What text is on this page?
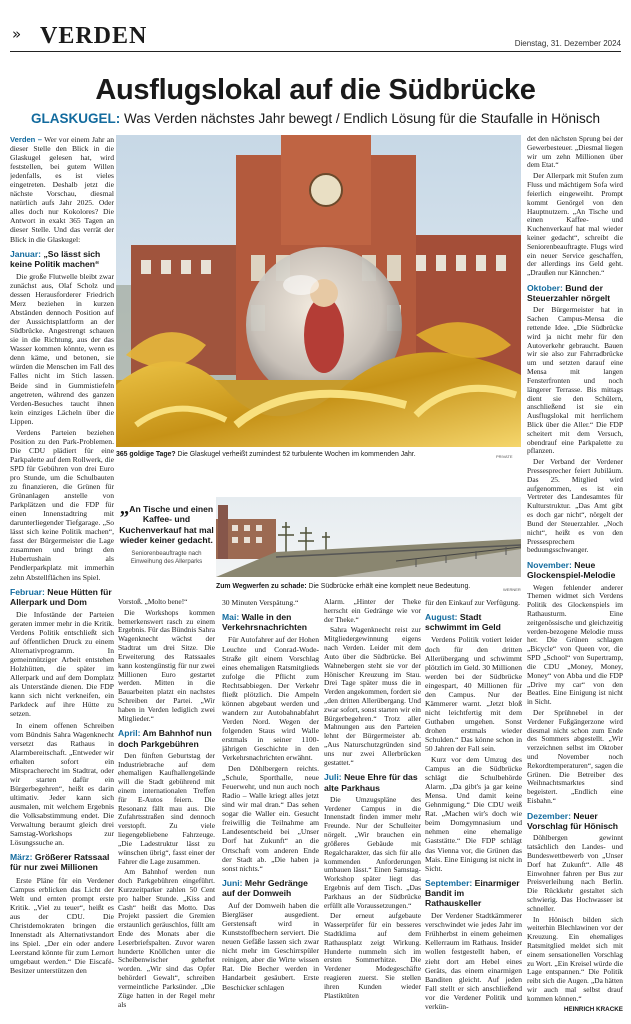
» VERDEN	Dienstag, 31. Dezember 2024
Ausflugslokal auf die Südbrücke
GLASKUGEL: Was Verden nächstes Jahr bewegt / Endlich Lösung für die Staufalle in Hönisch

Verden – Wer vor einem Jahr an dieser Stelle den Blick in die Glaskugel gelesen hat, wird feststellen, bei gutem Willen jedenfalls, es ist vieles eingetreten. Deshalb jetzt die nächste Vorschau, diesmal natürlich aufs Jahr 2025. Oder alles doch nur Kokolores? Die Antwort in exakt 365 Tagen an dieser Stelle. Und das verrät der Blick in die Glaskugel:

Januar: „So lässt sich keine Politik machen“

Die große Flutwelle bleibt zwar zunächst aus, Olaf Scholz und dessen Herausforderer Friedrich Merz beziehen in kurzen Abständen dennoch Position auf der Aussichtsplattform an der Südbrücke. Angestrengt schauen sie in die Richtung, aus der das Wasser kommen könnte, wenn es denn käme, und betonen, sie würden die Menschen im Fall des Falles nicht im Stich lassen. Beide sind in Gummistiefeln angetreten, während des ganzen Verden-Besuches taucht ihnen kein einziges Lächeln über die Lippen.

Verdens Parteien beziehen Position zu den Park-Problemen. Die CDU plädiert für eine Parkpalette auf dem Rollwerk, die SPD für Gebühren von drei Euro pro Stunde, um die Schulbauten zu finanzieren, die Grünen für Grünanlagen anstelle von Parkplätzen und die FDP für einen Innenstadtring mit darunterliegender Tiefgarage. „So lässt sich keine Politik machen“, fasst der Bürgermeister die Lage zusammen und bringt den Hubertushain als Pendlerparkplatz mit immerhin zehn Abstellflächen ins Spiel.

Februar: Neue Hütten für Allerpark und Dom

Die Infostände der Parteien geraten immer mehr in die Kritik. Verdens Politik entschließt sich auf öffentlichen Druck zu einem Alternativprogramm. In gemeinnütziger Arbeit entstehen Holzhütten, die später im Allerpark und auf dem Domplatz als Unterstände dienen. Die FDP kann sich nicht verkneifen, ein Parkdeck auf ihre Hütte zu setzen.

In einem offenen Schreiben vom Bündnis Sahra Wagenknecht versetzt das Rathaus in Alarmbereitschaft. „Entweder wir erhalten sofort ein Mitspracherecht im Stadtrat, oder wir starten dafür ein Bürgerbegehren“, heißt es darin ultimativ. Jeder kann sich ausmalen, mit welchem Ergebnis die Volksabstimmung endet. Die Verwaltung beraumt gleich drei Samstag-Workshops zur Lösungssuche an.

März: Größerer Ratssaal für nur zwei Millionen

Erste Pläne für ein Verdener Campus erblicken das Licht der Welt und ernten prompt erste Kritik. „Viel zu teuer“, heißt es aus der CDU. Die Christdemokraten bringen die Innenstadt als Alternativstandort ins Spiel. „Der ein oder andere Leerstand könnte für zum Lernort umgebaut werden.“ Die Eiscafé-Besitzer unterstützen den

365 goldige Tage? Die Glaskugel verheißt zumindest 52 turbulente Wochen im kommenden Jahr.	PRIVATE
„An Tische und einen Kaffee- und Kuchenverkauf hat mal wieder keiner gedacht.
Seniorenbeauftragte nach Einweihung des Allerparks
Zum Wegwerfen zu schade: Die Südbrücke erhält eine komplett neue Bedeutung.	WERNER

Vorstoß. „Molto bene!“

Die Workshops kommen bemerkenswert rasch zu einem Ergebnis. Für das Bündnis Sahra Wagenknecht wächst der Stadtrat um drei Sitze. Die Erweiterung des Ratssaales kann kostengünstig für nur zwei Millionen Euro gestartet werden. Mitten in die Bauarbeiten platzt ein nachstes Schreiben der Partei. „Wir haben in Verden lediglich zwei Mitglieder.“

April: Am Bahnhof nun doch Parkgebühren

Den fünften Geburtstag der Industriebrache auf dem ehemaligen Kaufhallengelände will die Stadt gebührend mit einem internationalen Treffen für E-Autos feiern. Die Resonanz fällt mau aus. Die Zufahrtsstraßen sind dennoch verstopft. Zu viele liegengebliebene Fahrzeuge. „Die Ladestruktur lässt zu wünschen übrig“, fasst einer der Fahrer die Lage zusammen.

Am Bahnhof werden nun doch Parkgebühren eingeführt. Kurzzeitparker zahlen 50 Cent pro halber Stunde. „Kiss and Cash“ heißt das Motto. Das Projekt passiert die Gremien erstaunlich geräuschlos, füllt am Ende des Monats aber die Leserbriefspalten. Zuvor waren hunderte Knöllchen unter die Scheibenwischer geheftet worden. „Wir sind das Opfer behörderl Gewalt“, schreiben vermeintliche Parksünder. „Die Züge hatten in der Regel mehr als

30 Minuten Verspätung.“

Mai: Walle in den Verkehrsnachrichten

Für Autofahrer auf der Hohen Leuchte und Conrad-Wode-Straße gilt einem Vorschlag eines ehemaligen Ratsmitglieds zufolge die Pflicht zum Rechtsabbiegen. Der Verkehr fließt plötzlich. Die Ampeln können abgebaut werden und wandern zur Autobahnabfahrt Verden Nord. Wegen der folgenden Staus wird Walle erstmals in seiner 1100-jährigen Geschichte in den Verkehrsnachrichten erwähnt.

Den Döhlbergern reichts. „Schule, Sporthalle, neue Feuerwehr, und nun auch noch Radio – Walle kriegt alles jetzt sind wir mal dran.“ Das sehen sogar die Waller ein. Gesucht freiwillig die Teilnahme am Landesentscheid bei „Unser Dorf hat Zukunft“ an die Ortschaft vom anderen Ende der Stadt ab. „Die haben ja sonst nichts.“

Juni: Mehr Gedränge auf der Domweih

Auf der Domweih haben die Biergläser ausgedient. Gerstensaft wird in Kunststoffbechern serviert. Die neuen Gefäße lassen sich zwar nicht mehr im Geschirrspüler reinigen, aber die Wirte wissen Rat. Die Becher werden in Handarbeit gesäubert. Erste Beschicker schlagen

Alarm. „Hinter der Theke herrscht ein Gedränge wie vor der Theke.“

Sahra Wagenknecht reist zur Mitgliedergewinnung eigens nach Verden. Leider mit dem Auto über die Südbrücke. Bei Wahnebergen steht sie vor der Hönischer Kreuzung im Stau. Drei Tage später muss die in Verden angekommen, fordert sie „den dritten Allerübergang. Und zwar sofort, sonst starten wir ein Bürgerbegehren.“ Trotz aller Mahnungen aus den Parteien lehnt der Bürgermeister ab. „Aus Naturschutzgründen sind uns nur zwei Allerbrücken gestattet.“

Juli: Neue Ehre für das alte Parkhaus

Die Umzugspläne des Verdener Campus in die Innenstadt finden immer mehr Freunde. Nur der Schulleiter nörgelt. „Wir brauchen ein größeres Gebäude mit Regalcharakter, das sich für alle kommenden Anforderungen umbauen lässt.“ Einen Samstag-Workshop später liegt das Ergebnis auf dem Tisch. „Das Parkhaus an der Südbrücke erfüllt alle Voraussetzungen.“

Der erneut aufgebaute Wasserprüfer für ein besseres Stadtklima auf dem Rathausplatz zeigt Wirkung. Hunderte nummeln sich im ersten Sommerhitze. Die Verdener Modegeschäfte reagieren zuerst. Sie stellen ihren Kunden wieder Plastiktüten

für den Einkauf zur Verfügung.

August: Stadt schwimmt im Geld

Verdens Politik votiert leider doch für den dritten Allerübergang und schwimmt plötzlich im Geld. 30 Millionen werden bei der Südbrücke eingespart, 40 Millionen für den Campus. Nur der Kämmerer warnt. „Jetzt bloß nicht leichtfertig mit dem Guthaben umgehen. Sonst drohen erstmals wieder Schulden.“ Das könne schon in 50 Jahren der Fall sein.

Kurz vor dem Umzug des Campus an die Südbrücke schlägt die Schulbehörde Alarm. „Da gibt's ja gar keine Mensa. Und damit keine Gehnmigung.“ Die CDU weiß Rat. „Machen wir's doch wie beim Domgymnasium und nehmen eine ehemalige Gaststätte.“ Die FDP schlägt das Vienna vor, die Grünen das Mais. Eine Einigung ist nicht in Sicht.

September: Einarmiger Bandit im Rathauskeller

Der Verdener Stadtkämmerer verschwindet wie jedes Jahr im Frühherbst in einem geheimen Kellerraum im Rathaus. Insider wollen festgestellt haben, er zieht dort am Hebel eines Geräts, das einem einarmigen Banditen gleicht. Auf jeden Fall stellt er sich anschließend vor die Verdener Politik und verkün-

det den nächsten Sprung bei der Gewerbesteuer. „Diesmal liegen wir um zehn Millionen über dem Etat.“

Der Allerpark mit Stufen zum Fluss und mächtigem Sofa wird feierlich eingeweiht. Prompt kommt Genörgel von den Hauptnutzern. „An Tische und einen Kaffee- und Kuchenverkauf hat mal wieder keiner gedacht“, schreibt die Seniorenbeauftragte. Flugs wird ein neuer Service geschaffen, der allerdings ins Geld geht. „Draußen nur Kännchen.“

Oktober: Bund der Steuerzahler nörgelt

Der Bürgermeister hat in Sachen Campus-Mensa die rettende Idee. „Die Südbrücke wird ja nicht mehr für den Autoverkehr gebraucht. Bauen wir sie also zur Fahrradbrücke um und setzten darauf eine Mensa mit langen Fensterfronten und noch längerer Terrasse. Bis mittags dient sie den Schülern, anschließend ist sie ein Ausflugslokal mit herrlichem Blick über die Aller.“ Die FDP scheitert mit dem Versuch, obendrauf eine Parkpalette zu pflanzen.

Der Verband der Verdener Pressesprecher feiert Jubiläum. Das 25. Mitglied wird aufgenommen, es ist ein Vertreter des Landesamtes für Kulturstruktur. „Das Amt gibt es doch gar nicht“, nörgelt der Bund der Steuerzahler. „Noch nicht“, heißt es von den Pressesprechern beduungsschwanger.

November: Neue Glockenspiel-Melodie

Wegen fehlender anderer Themen widmet sich Verdens Politik des Glockenspiels im Rathausturm. Eine zeitgenössische und gleichzeitig verden-bezogene Melodie muss her. Die Grünen schlagen „Bicycle“ von Queen vor, die SPD „School“ von Supertramp, die CDU „Money, Money, Money“ von Abba und die FDP „Drive my car“ von den Beatles. Eine Einigung ist nicht in Sicht.

Der Sprühnebel in der Verdener Fußgängerzone wird diesmal nicht schon zum Ende des Sommers abgestellt. „Wir verzeichnen selbst im Oktober und November noch Rekordtemperaturen“, sagen die Grünen. Die Betreiber des Weihnachtsmarktes sind begeistert. „Endlich eine Eisbahn.“

Dezember: Neuer Vorschlag für Hönisch

Döhlbergen gewinnt tatsächlich den Landes- und Bundeswettbewerb von „Unser Dorf hat Zukunft“. Alle 48 Einwohner fahren per Bus zur Preisverleihung nach Berlin. Die Rückkehr gestaltet sich schwierig. Das Hochwasser ist schneller.

In Hönisch bilden sich weiterhin Blechlawinen vor der Kreuzung. Ein ehemaliges Ratsmitglied meldet sich mit einem sensationellen Vorschlag zu Wort. „Ein Kreisel würde die Lage entspannen.“ Die Politik reibt sich die Augen. „Da hätten wir auch mal selbst drauf kommen können.“

HEINRICH KRACKE
